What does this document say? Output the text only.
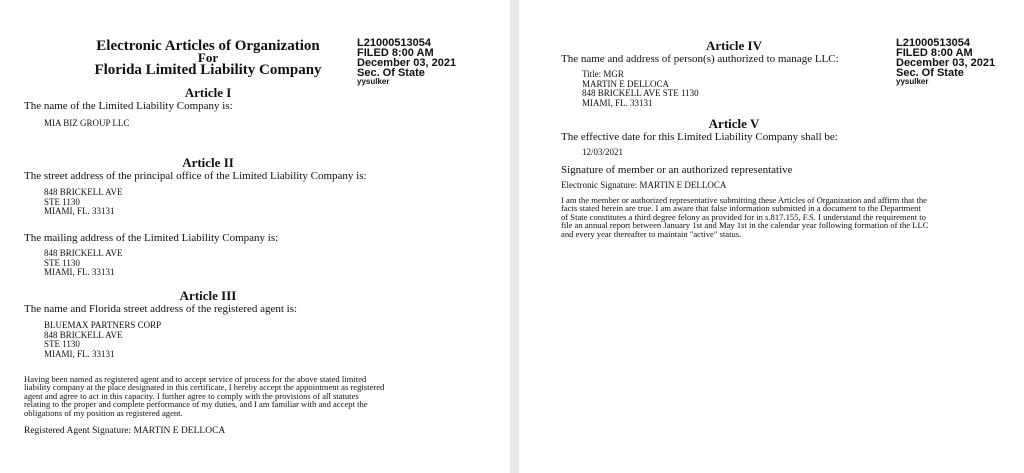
Electronic Articles of Organization
For
Florida Limited Liability Company
L21000513054
FILED 8:00 AM
December 03, 2021
Sec. Of State
yysulker
Article I
The name of the Limited Liability Company is:
MIA BIZ GROUP LLC
Article II
The street address of the principal office of the Limited Liability Company is:
848 BRICKELL AVE
STE 1130
MIAMI, FL. 33131
The mailing address of the Limited Liability Company is:
848 BRICKELL AVE
STE 1130
MIAMI, FL. 33131
Article III
The name and Florida street address of the registered agent is:
BLUEMAX PARTNERS CORP
848 BRICKELL AVE
STE 1130
MIAMI, FL. 33131
Having been named as registered agent and to accept service of process for the above stated limited
liability company at the place designated in this certificate, I hereby accept the appointment as registered
agent and agree to act in this capacity. I further agree to comply with the provisions of all statutes
relating to the proper and complete performance of my duties, and I am familiar with and accept the
obligations of my position as registered agent.
Registered Agent Signature: MARTIN E DELLOCA
L21000513054
FILED 8:00 AM
December 03, 2021
Sec. Of State
yysulker
Article IV
The name and address of person(s) authorized to manage LLC:
Title: MGR
MARTIN E DELLOCA
848 BRICKELL AVE STE 1130
MIAMI, FL. 33131
Article V
The effective date for this Limited Liability Company shall be:
12/03/2021
Signature of member or an authorized representative
Electronic Signature: MARTIN E DELLOCA
I am the member or authorized representative submitting these Articles of Organization and affirm that the
facts stated herein are true. I am aware that false information submitted in a document to the Department
of State constitutes a third degree felony as provided for in s.817.155, F.S. I understand the requirement to
file an annual report between January 1st and May 1st in the calendar year following formation of the LLC
and every year thereafter to maintain "active" status.
